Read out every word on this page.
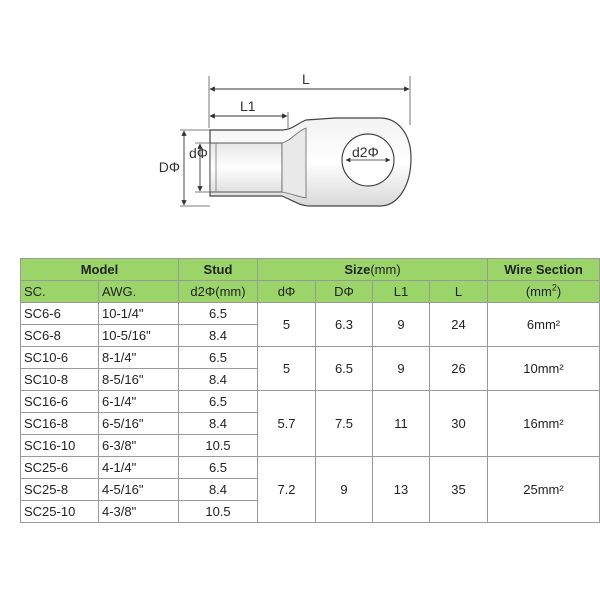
L
L1
DΦ
dΦ	d2Φ
Model		Stud	Size(mm)				Wire Section
SC.	AWG.	d2Φ(mm)	dΦ	DΦ	L1	L	$(mm^2)$
SC6-6	10-1/4"	6.5	5	6.3	9	24	6mm²
SC6-8	10-5/16"	8.4					
SC10-6	8-1/4"	6.5	5	6.5	9	26	10mm²
SC10-8	8-5/16"	8.4					
SC16-6	6-1/4"	6.5	5.7	7.5	11	30	16mm²
SC16-8	6-5/16"	8.4					
SC16-10	6-3/8"	10.5					
SC25-6	4-1/4"	6.5	7.2	9	13	35	25mm²
SC25-8	4-5/16"	8.4					
SC25-10	4-3/8"	10.5					
